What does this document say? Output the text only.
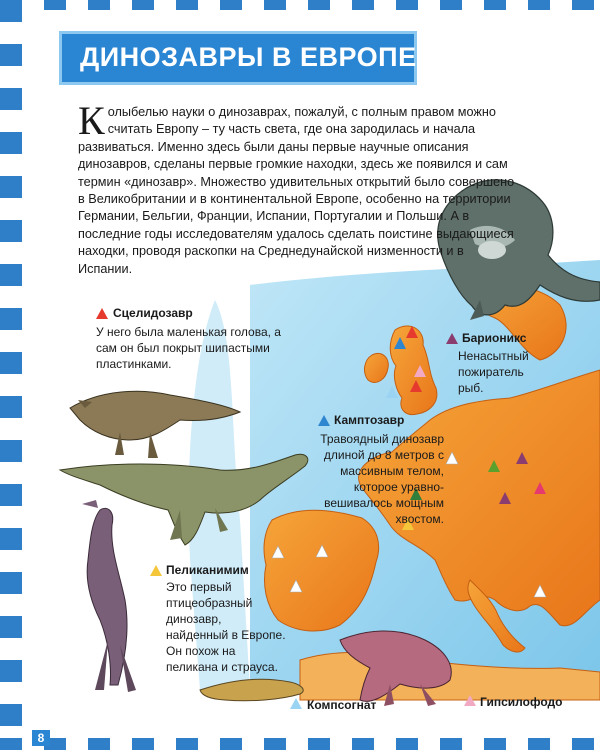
ДИНОЗАВРЫ В ЕВРОПЕ
Колыбелью науки о динозаврах, пожалуй, с полным правом можно считать Европу – ту часть света, где она зародилась и начала развиваться. Именно здесь были даны первые научные описания динозавров, сделаны первые громкие находки, здесь же появился и сам термин «динозавр». Множество удивительных открытий было совершено в Великобритании и в континентальной Европе, особенно на территории Германии, Бельгии, Франции, Испании, Португалии и Польши. А в последние годы исследователям удалось сделать поистине выдающиеся находки, проводя раскопки на Среднедунайской низменности и в Испании.
Сцелидозавр
У него была маленькая голова, а сам он был покрыт шипастыми пластинками.
Барионикс
Ненасытный пожиратель рыб.
Камптозавр
Травоядный динозавр длиной до 8 метров с массивным телом, которое уравно-вешивалось мощным хвостом.
Пеликанимим
Это первый птицеобразный динозавр, найденный в Европе. Он похож на пеликана и страуса.
Компсогнат	Гипсилофодо
8
